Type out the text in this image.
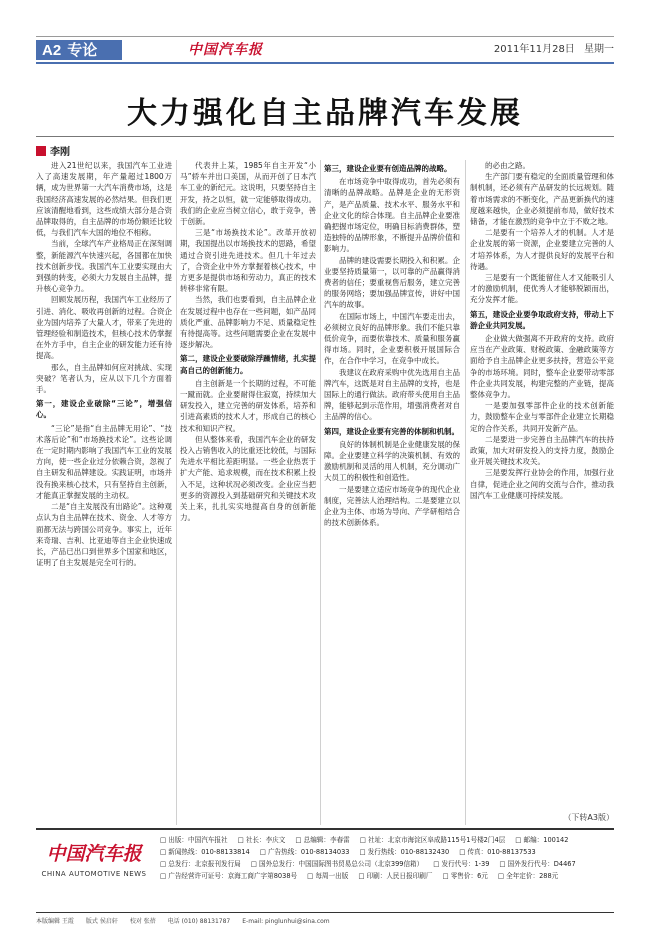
A2 专论	中国汽车报	2011年11月28日 星期一
大力强化自主品牌汽车发展
李刚

进入21世纪以来，我国汽车工业进入了高速发展期，年产量超过1800万辆，成为世界第一大汽车消费市场，这是我国经济高速发展的必然结果。但我们更应该清醒地看到，这些成绩大部分是合资品牌取得的，自主品牌的市场份额还比较低，与我们汽车大国的地位不相称。

当前，全球汽车产业格局正在深刻调整，新能源汽车快速兴起，各国都在加快技术创新步伐。我国汽车工业要实现由大到强的转变，必须大力发展自主品牌，提升核心竞争力。

回顾发展历程，我国汽车工业经历了引进、消化、吸收再创新的过程。合资企业为国内培养了大量人才，带来了先进的管理经验和制造技术，但核心技术仍掌握在外方手中，自主企业的研发能力还有待提高。

那么，自主品牌如何应对挑战、实现突破？笔者认为，应从以下几个方面着手。

第一，建设企业破除“三论”，增强信心。

“三论”是指“自主品牌无用论”、“技术落后论”和“市场换技术论”。这些论调在一定时期内影响了我国汽车工业的发展方向，使一些企业过分依赖合资，忽视了自主研发和品牌建设。实践证明，市场并没有换来核心技术，只有坚持自主创新，才能真正掌握发展的主动权。

二是“自主发展没有出路论”。这种观点认为自主品牌在技术、资金、人才等方面都无法与跨国公司竞争。事实上，近年来奇瑞、吉利、比亚迪等自主企业快速成长，产品已出口到世界多个国家和地区，证明了自主发展是完全可行的。

代表井上某，1985年自主开发“小马”轿车并出口美国，从而开创了日本汽车工业的新纪元。这说明，只要坚持自主开发，持之以恒，就一定能够取得成功。我们的企业应当树立信心，敢于竞争，善于创新。

三是“市场换技术论”。改革开放初期，我国提出以市场换技术的思路，希望通过合资引进先进技术。但几十年过去了，合资企业中外方掌握着核心技术，中方更多是提供市场和劳动力，真正的技术转移非常有限。

当然，我们也要看到，自主品牌企业在发展过程中也存在一些问题，如产品同质化严重、品牌影响力不足、质量稳定性有待提高等。这些问题需要企业在发展中逐步解决。

第二，建设企业要破除浮躁情绪，扎实提高自己的创新能力。

自主创新是一个长期的过程，不可能一蹴而就。企业要耐得住寂寞，持续加大研发投入，建立完善的研发体系，培养和引进高素质的技术人才，形成自己的核心技术和知识产权。

但从整体来看，我国汽车企业的研发投入占销售收入的比重还比较低，与国际先进水平相比差距明显。一些企业热衷于扩大产能、追求规模，而在技术积累上投入不足，这种状况必须改变。企业应当把更多的资源投入到基础研究和关键技术攻关上来，扎扎实实地提高自身的创新能力。

第三，建设企业要有创造品牌的战略。

在市场竞争中取得成功，首先必须有清晰的品牌战略。品牌是企业的无形资产，是产品质量、技术水平、服务水平和企业文化的综合体现。自主品牌企业要准确把握市场定位，明确目标消费群体，塑造独特的品牌形象，不断提升品牌价值和影响力。

品牌的建设需要长期投入和积累。企业要坚持质量第一，以可靠的产品赢得消费者的信任；要重视售后服务，建立完善的服务网络；要加强品牌宣传，讲好中国汽车的故事。

在国际市场上，中国汽车要走出去，必须树立良好的品牌形象。我们不能只靠低价竞争，而要依靠技术、质量和服务赢得市场。同时，企业要积极开展国际合作，在合作中学习，在竞争中成长。

我建议在政府采购中优先选用自主品牌汽车，这既是对自主品牌的支持，也是国际上的通行做法。政府带头使用自主品牌，能够起到示范作用，增强消费者对自主品牌的信心。

第四，建设企业要有完善的体制和机制。

良好的体制机制是企业健康发展的保障。企业要建立科学的决策机制、有效的激励机制和灵活的用人机制，充分调动广大员工的积极性和创造性。

一是要建立适应市场竞争的现代企业制度，完善法人治理结构。二是要建立以企业为主体、市场为导向、产学研相结合的技术创新体系。

的必由之路。

生产部门要有稳定的全面质量管理和体制机制，还必须有产品研发的长远规划。随着市场需求的不断变化，产品更新换代的速度越来越快，企业必须提前布局，做好技术储备，才能在激烈的竞争中立于不败之地。

二是要有一个培养人才的机制。人才是企业发展的第一资源，企业要建立完善的人才培养体系，为人才提供良好的发展平台和待遇。

三是要有一个既能留住人才又能吸引人才的激励机制，使优秀人才能够脱颖而出，充分发挥才能。

第五，建设企业要争取政府支持，带动上下游企业共同发展。

企业做大做强离不开政府的支持。政府应当在产业政策、财税政策、金融政策等方面给予自主品牌企业更多扶持，营造公平竞争的市场环境。同时，整车企业要带动零部件企业共同发展，构建完整的产业链，提高整体竞争力。

一是要加强零部件企业的技术创新能力，鼓励整车企业与零部件企业建立长期稳定的合作关系，共同开发新产品。

二是要进一步完善自主品牌汽车的扶持政策，加大对研发投入的支持力度，鼓励企业开展关键技术攻关。

三是要发挥行业协会的作用，加强行业自律，促进企业之间的交流与合作，推动我国汽车工业健康可持续发展。

（下转A3版）
中国汽车报
CHINA AUTOMOTIVE NEWS
□ 出版：中国汽车报社	□ 社长：李庆文	□ 总编辑：李春雷	□ 社址：北京市海淀区阜成路115号1号楼2门4层	□ 邮编：100142
□ 新闻热线：010-88133814	□ 广告热线：010-88134033	□ 发行热线：010-88132430	□ 传真：010-88137533
□ 总发行：北京报刊发行局	□ 国外总发行：中国国际图书贸易总公司（北京399信箱）	□ 发行代号：1-39	□ 国外发行代号：D4467
□ 广告经营许可证号：京海工商广字第8038号	□ 每周一出版	□ 印刷：人民日报印刷厂	□ 零售价：6元	□ 全年定价：288元
本版编辑 王霞 版式 侯启轩 校对 张蓓 电话 (010) 88131787 E-mail: pinglunhui@sina.com
